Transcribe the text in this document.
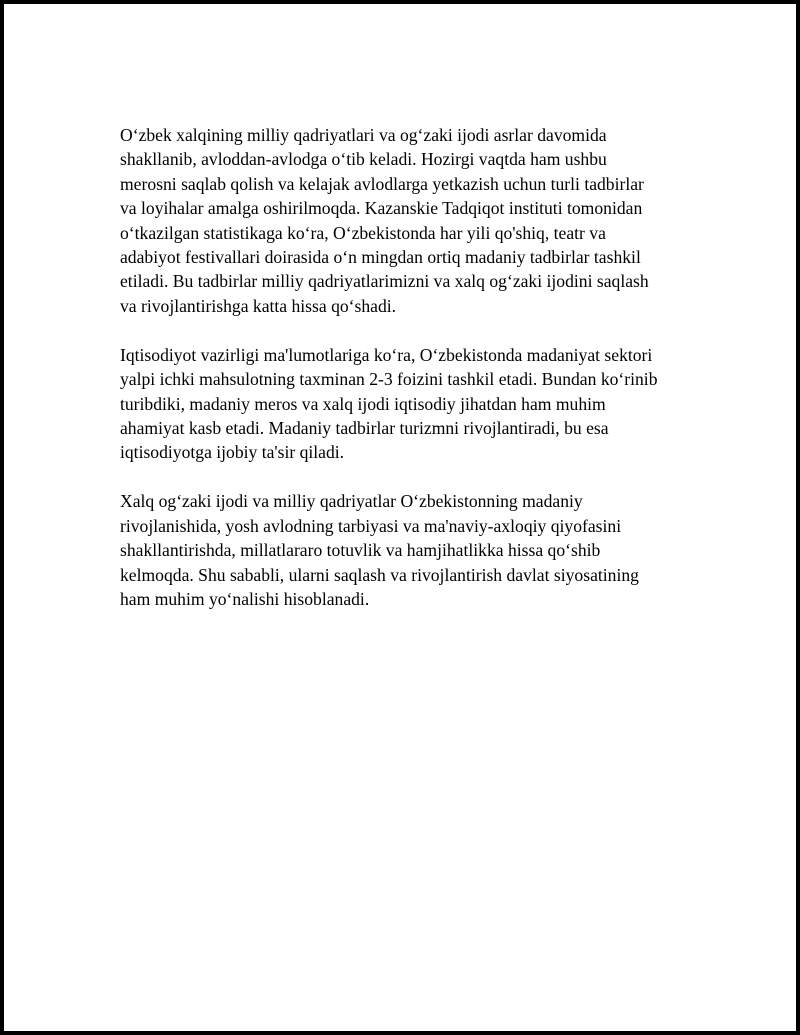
O‘zbek xalqining milliy qadriyatlari va og‘zaki ijodi asrlar davomida
shakllanib, avloddan-avlodga o‘tib keladi. Hozirgi vaqtda ham ushbu
merosni saqlab qolish va kelajak avlodlarga yetkazish uchun turli tadbirlar
va loyihalar amalga oshirilmoqda. Kazanskie Tadqiqot instituti tomonidan
o‘tkazilgan statistikaga ko‘ra, O‘zbekistonda har yili qo'shiq, teatr va
adabiyot festivallari doirasida o‘n mingdan ortiq madaniy tadbirlar tashkil
etiladi. Bu tadbirlar milliy qadriyatlarimizni va xalq og‘zaki ijodini saqlash
va rivojlantirishga katta hissa qo‘shadi.

Iqtisodiyot vazirligi ma'lumotlariga ko‘ra, O‘zbekistonda madaniyat sektori
yalpi ichki mahsulotning taxminan 2-3 foizini tashkil etadi. Bundan ko‘rinib
turibdiki, madaniy meros va xalq ijodi iqtisodiy jihatdan ham muhim
ahamiyat kasb etadi. Madaniy tadbirlar turizmni rivojlantiradi, bu esa
iqtisodiyotga ijobiy ta'sir qiladi.

Xalq og‘zaki ijodi va milliy qadriyatlar O‘zbekistonning madaniy
rivojlanishida, yosh avlodning tarbiyasi va ma'naviy-axloqiy qiyofasini
shakllantirishda, millatlararo totuvlik va hamjihatlikka hissa qo‘shib
kelmoqda. Shu sababli, ularni saqlash va rivojlantirish davlat siyosatining
ham muhim yo‘nalishi hisoblanadi.
